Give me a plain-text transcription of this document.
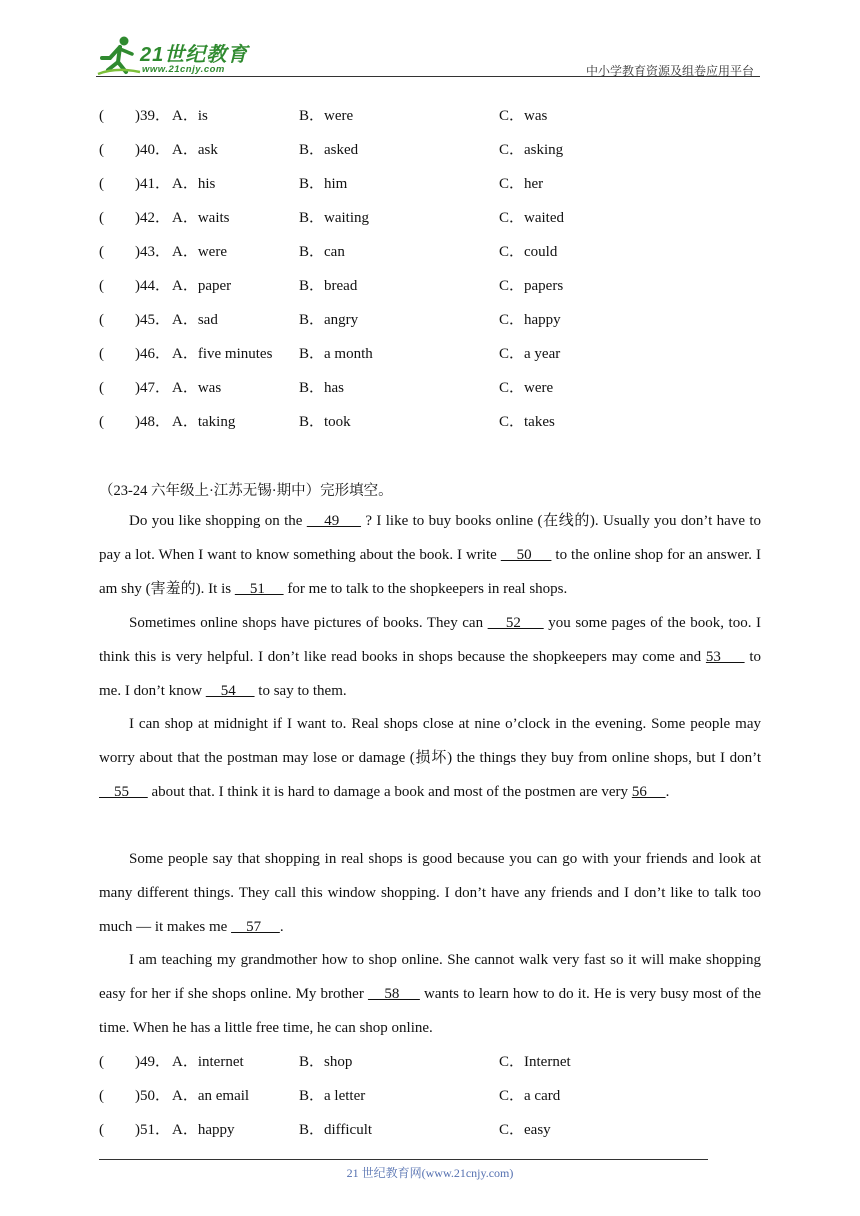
21世纪教育
www.21cnjy.com	中小学教育资源及组卷应用平台
( )39． A．is	B．were	C．was
( )40． A．ask	B．asked	C．asking
( )41． A．his	B．him	C．her
( )42． A．waits	B．waiting	C．waited
( )43． A．were	B．can	C．could
( )44． A．paper	B．bread	C．papers
( )45． A．sad	B．angry	C．happy
( )46． A．five minutes B．a month	C．a year
( )47． A．was	B．has	C．were
( )48． A．taking	B．took	C．takes
（23-24 六年级上·江苏无锡·期中）完形填空。

Do you like shopping on the     49      ? I like to buy books online (在线的). Usually you don’t have to pay a lot. When I want to know something about the book. I write     50      to the online shop for an answer. I am shy (害羞的). It is     51      for me to talk to the shopkeepers in real shops.

Sometimes online shops have pictures of books. They can     52      you some pages of the book, too. I think this is very helpful. I don’t like read books in shops because the shopkeepers may come and 53      to me. I don’t know     54      to say to them.

I can shop at midnight if I want to. Real shops close at nine o’clock in the evening. Some people may worry about that the postman may lose or damage (损坏) the things they buy from online shops, but I don’t     55      about that. I think it is hard to damage a book and most of the postmen are very 56     .

Some people say that shopping in real shops is good because you can go with your friends and look at many different things. They call this window shopping. I don’t have any friends and I don’t like to talk too much — it makes me     57     .

I am teaching my grandmother how to shop online. She cannot walk very fast so it will make shopping easy for her if she shops online. My brother     58      wants to learn how to do it. He is very busy most of the time. When he has a little free time, he can shop online.

( )49． A．internet	B．shop	C．Internet
( )50． A．an email	B．a letter	C．a card
( )51． A．happy	B．difficult	C．easy
21 世纪教育网(www.21cnjy.com)
